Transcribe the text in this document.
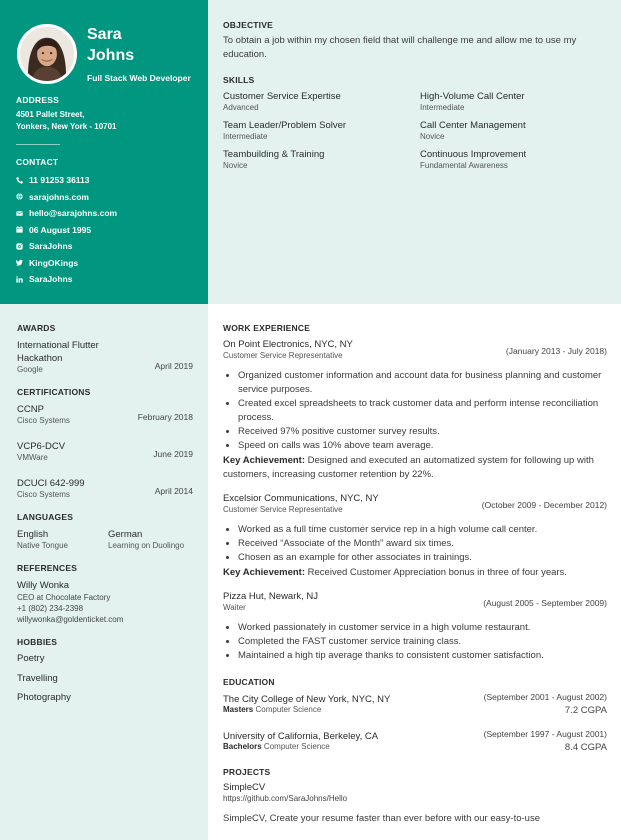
Sara
Johns
Full Stack Web Developer
ADDRESS

4501 Pallet Street,
Yonkers, New York - 10701

CONTACT
11 91253 36113
sarajohns.com
hello@sarajohns.com
06 August 1995
SaraJohns
KingOKings
SaraJohns
OBJECTIVE

To obtain a job within my chosen field that will challenge me and allow me to use my education.

SKILLS
Customer Service Expertise
Advanced
High-Volume Call Center
Intermediate
Team Leader/Problem Solver
Intermediate
Call Center Management
Novice
Teambuilding & Training
Novice
Continuous Improvement
Fundamental Awareness
AWARDS
International Flutter Hackathon
Google	April 2019
CERTIFICATIONS
CCNP
Cisco Systems	February 2018
VCP6-DCV
VMWare	June 2019
DCUCI 642-999
Cisco Systems	April 2014
LANGUAGES
English
Native Tongue
German
Learning on Duolingo
REFERENCES
Willy Wonka
CEO at Chocolate Factory
+1 (802) 234-2398
willywonka@goldenticket.com
HOBBIES
Poetry
Travelling
Photography
WORK EXPERIENCE
On Point Electronics, NYC, NY
Customer Service Representative	(January 2013 - July 2018)
• Organized customer information and account data for business planning and customer service purposes.
• Created excel spreadsheets to track customer data and perform intense reconciliation process.
• Received 97% positive customer survey results.
• Speed on calls was 10% above team average.

Key Achievement: Designed and executed an automatized system for following up with customers, increasing customer retention by 22%.

Excelsior Communications, NYC, NY
Customer Service Representative	(October 2009 - December 2012)
• Worked as a full time customer service rep in a high volume call center.
• Received “Associate of the Month” award six times.
• Chosen as an example for other associates in trainings.

Key Achievement: Received Customer Appreciation bonus in three of four years.

Pizza Hut, Newark, NJ
Waiter	(August 2005 - September 2009)
• Worked passionately in customer service in a high volume restaurant.
• Completed the FAST customer service training class.
• Maintained a high tip average thanks to consistent customer satisfaction.
EDUCATION
The City College of New York, NYC, NY	(September 2001 - August 2002)
Masters Computer Science	7.2 CGPA
University of California, Berkeley, CA	(September 1997 - August 2001)
Bachelors Computer Science	8.4 CGPA
PROJECTS
SimpleCV
https://github.com/SaraJohns/Hello
SimpleCV, Create your resume faster than ever before with our easy-to-use
